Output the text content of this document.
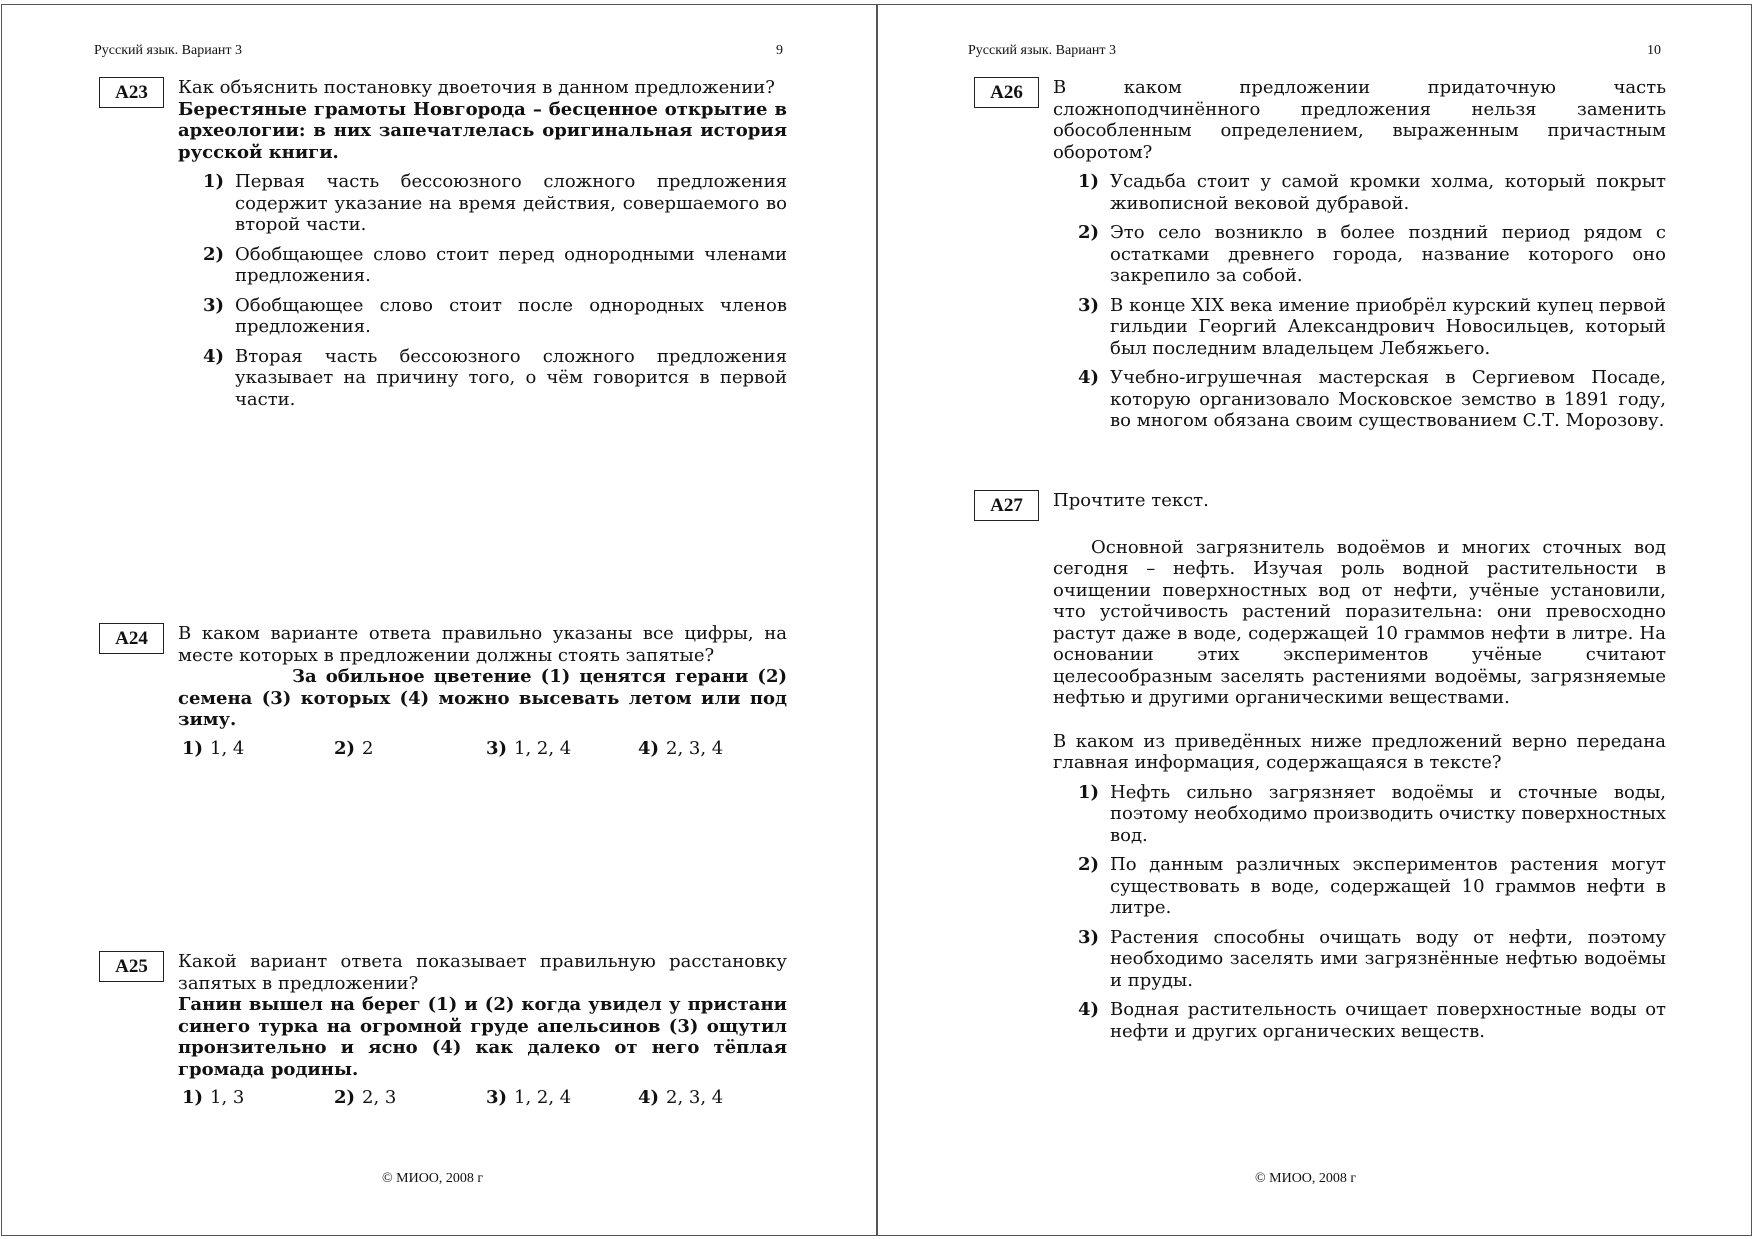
Русский язык. Вариант 3	9
А23	Как объяснить постановку двоеточия в данном предложении?
Берестяные грамоты Новгорода – бесценное открытие в археологии: в них запечатлелась оригинальная история русской книги.
1) Первая часть бессоюзного сложного предложения содержит указание на время действия, совершаемого во второй части.
2) Обобщающее слово стоит перед однородными членами предложения.
3) Обобщающее слово стоит после однородных членов предложения.
4) Вторая часть бессоюзного сложного предложения указывает на причину того, о чём говорится в первой части.
А24	В каком варианте ответа правильно указаны все цифры, на месте которых в предложении должны стоять запятые?
За обильное цветение (1) ценятся герани (2) семена (3) которых (4) можно высевать летом или под зиму.
1) 1, 4	2) 2	3) 1, 2, 4	4) 2, 3, 4
А25	Какой вариант ответа показывает правильную расстановку запятых в предложении?
Ганин вышел на берег (1) и (2) когда увидел у пристани синего турка на огромной груде апельсинов (3) ощутил пронзительно и ясно (4) как далеко от него тёплая громада родины.
1) 1, 3	2) 2, 3	3) 1, 2, 4	4) 2, 3, 4
© МИОО, 2008 г
Русский язык. Вариант 3	10
А26	В каком предложении придаточную часть сложноподчинённого предложения нельзя заменить обособленным определением, выраженным причастным оборотом?
1) Усадьба стоит у самой кромки холма, который покрыт живописной вековой дубравой.
2) Это село возникло в более поздний период рядом с остатками древнего города, название которого оно закрепило за собой.
3) В конце XIX века имение приобрёл курский купец первой гильдии Георгий Александрович Новосильцев, который был последним владельцем Лебяжьего.
4) Учебно-игрушечная мастерская в Сергиевом Посаде, которую организовало Московское земство в 1891 году, во многом обязана своим существованием С.Т. Морозову.
А27	Прочтите текст.
Основной загрязнитель водоёмов и многих сточных вод сегодня – нефть. Изучая роль водной растительности в очищении поверхностных вод от нефти, учёные установили, что устойчивость растений поразительна: они превосходно растут даже в воде, содержащей 10 граммов нефти в литре. На основании этих экспериментов учёные считают целесообразным заселять растениями водоёмы, загрязняемые нефтью и другими органическими веществами.
В каком из приведённых ниже предложений верно передана главная информация, содержащаяся в тексте?
1) Нефть сильно загрязняет водоёмы и сточные воды, поэтому необходимо производить очистку поверхностных вод.
2) По данным различных экспериментов растения могут существовать в воде, содержащей 10 граммов нефти в литре.
3) Растения способны очищать воду от нефти, поэтому необходимо заселять ими загрязнённые нефтью водоёмы и пруды.
4) Водная растительность очищает поверхностные воды от нефти и других органических веществ.
© МИОО, 2008 г
